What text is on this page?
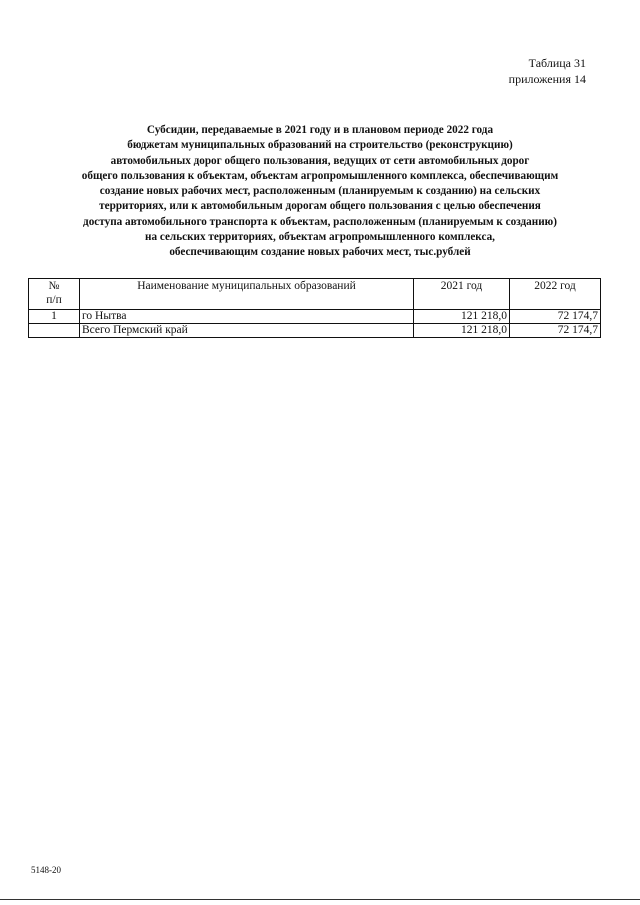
Таблица 31
приложения 14
Субсидии, передаваемые в 2021 году и в плановом периоде 2022 года
бюджетам муниципальных образований на строительство (реконструкцию)
автомобильных дорог общего пользования, ведущих от сети автомобильных дорог
общего пользования к объектам, объектам агропромышленного комплекса, обеспечивающим
создание новых рабочих мест, расположенным (планируемым к созданию) на сельских
территориях, или к автомобильным дорогам общего пользования с целью обеспечения
доступа автомобильного транспорта к объектам, расположенным (планируемым к созданию)
на сельских территориях, объектам агропромышленного комплекса,
обеспечивающим создание новых рабочих мест, тыс.рублей
№
п/п	Наименование муниципальных образований	2021 год	2022 год
1	го Нытва	121 218,0	72 174,7
	Всего Пермский край	121 218,0	72 174,7
5148-20
